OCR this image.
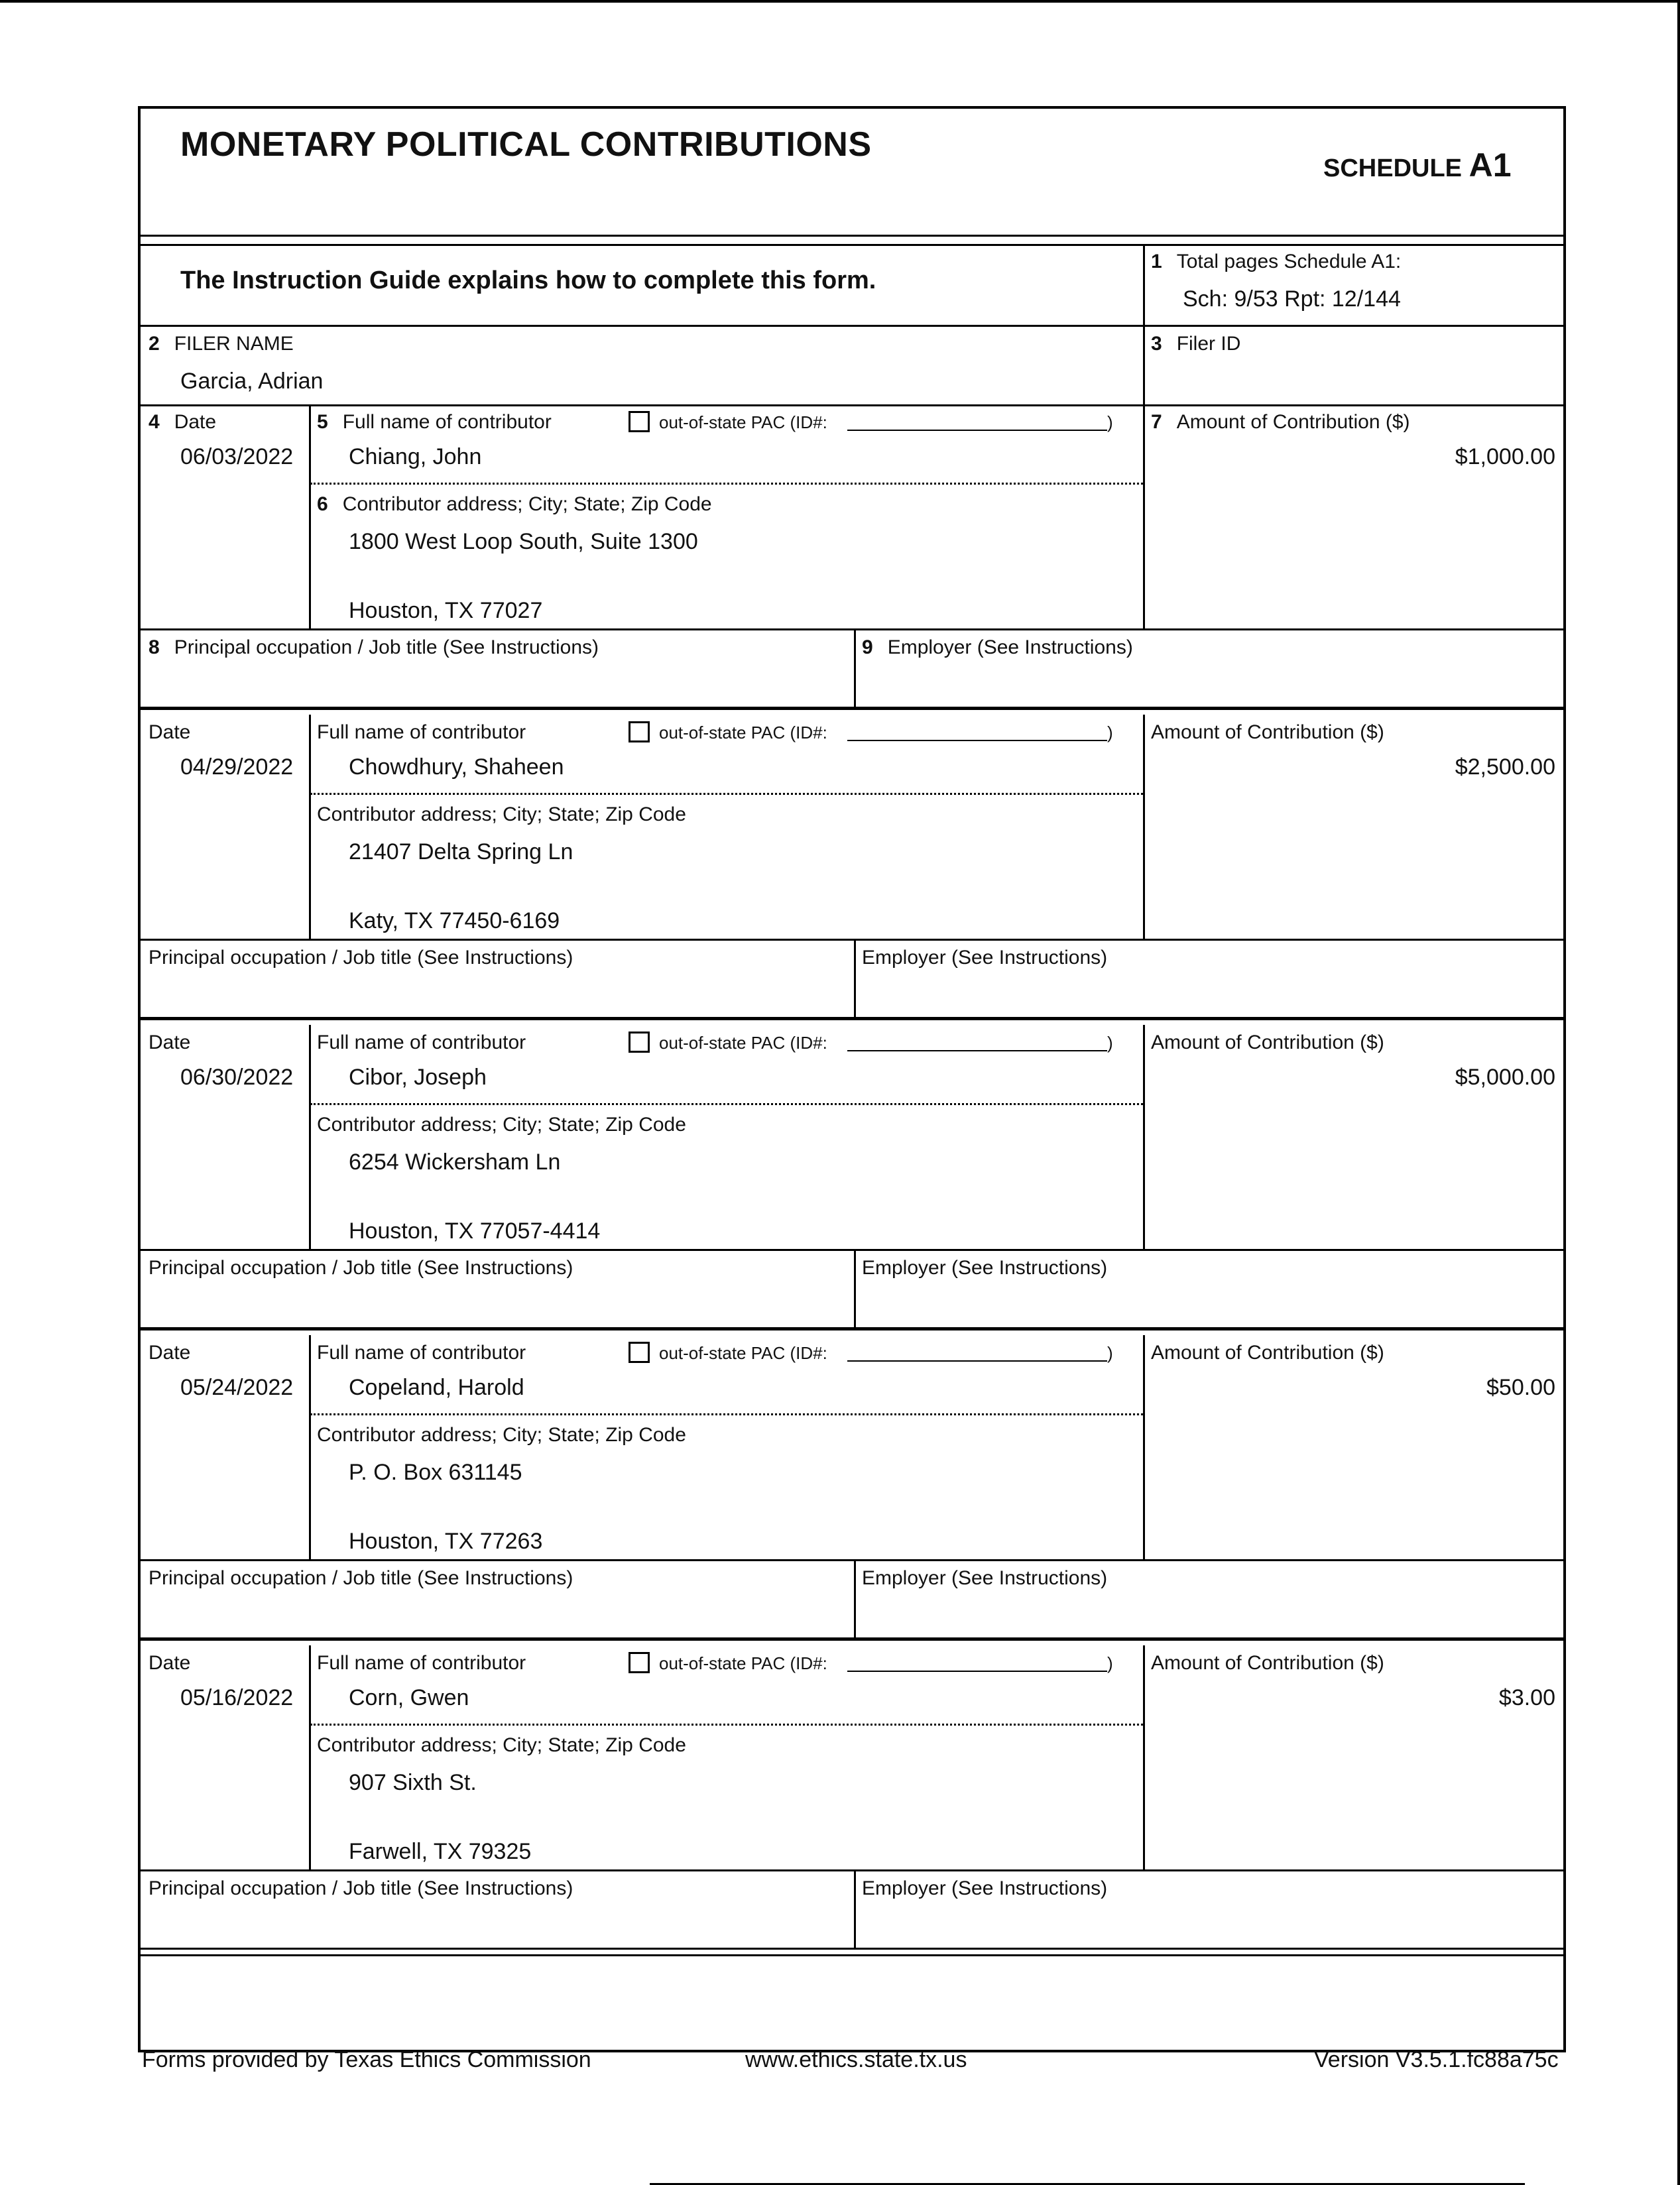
MONETARY POLITICAL CONTRIBUTIONS
SCHEDULE A1
The Instruction Guide explains how to complete this form.
1 Total pages Schedule A1:
Sch: 9/53 Rpt: 12/144
2 FILER NAME
Garcia, Adrian
3 Filer ID
4 Date
06/03/2022
5 Full name of contributor	out-of-state PAC (ID#:	)
Chiang, John
6 Contributor address; City; State; Zip Code
1800 West Loop South, Suite 1300
Houston, TX 77027
7 Amount of Contribution ($)
$1,000.00
8 Principal occupation / Job title (See Instructions)	9 Employer (See Instructions)
Date
04/29/2022
Full name of contributor	out-of-state PAC (ID#:	)
Chowdhury, Shaheen
Contributor address; City; State; Zip Code
21407 Delta Spring Ln
Katy, TX 77450-6169
Amount of Contribution ($)
$2,500.00
Principal occupation / Job title (See Instructions)	Employer (See Instructions)
Date
06/30/2022
Full name of contributor	out-of-state PAC (ID#:	)
Cibor, Joseph
Contributor address; City; State; Zip Code
6254 Wickersham Ln
Houston, TX 77057-4414
Amount of Contribution ($)
$5,000.00
Principal occupation / Job title (See Instructions)	Employer (See Instructions)
Date
05/24/2022
Full name of contributor	out-of-state PAC (ID#:	)
Copeland, Harold
Contributor address; City; State; Zip Code
P. O. Box 631145
Houston, TX 77263
Amount of Contribution ($)
$50.00
Principal occupation / Job title (See Instructions)	Employer (See Instructions)
Date
05/16/2022
Full name of contributor	out-of-state PAC (ID#:	)
Corn, Gwen
Contributor address; City; State; Zip Code
907 Sixth St.
Farwell, TX 79325
Amount of Contribution ($)
$3.00
Principal occupation / Job title (See Instructions)	Employer (See Instructions)
Forms provided by Texas Ethics Commission	www.ethics.state.tx.us	Version V3.5.1.fc88a75c
